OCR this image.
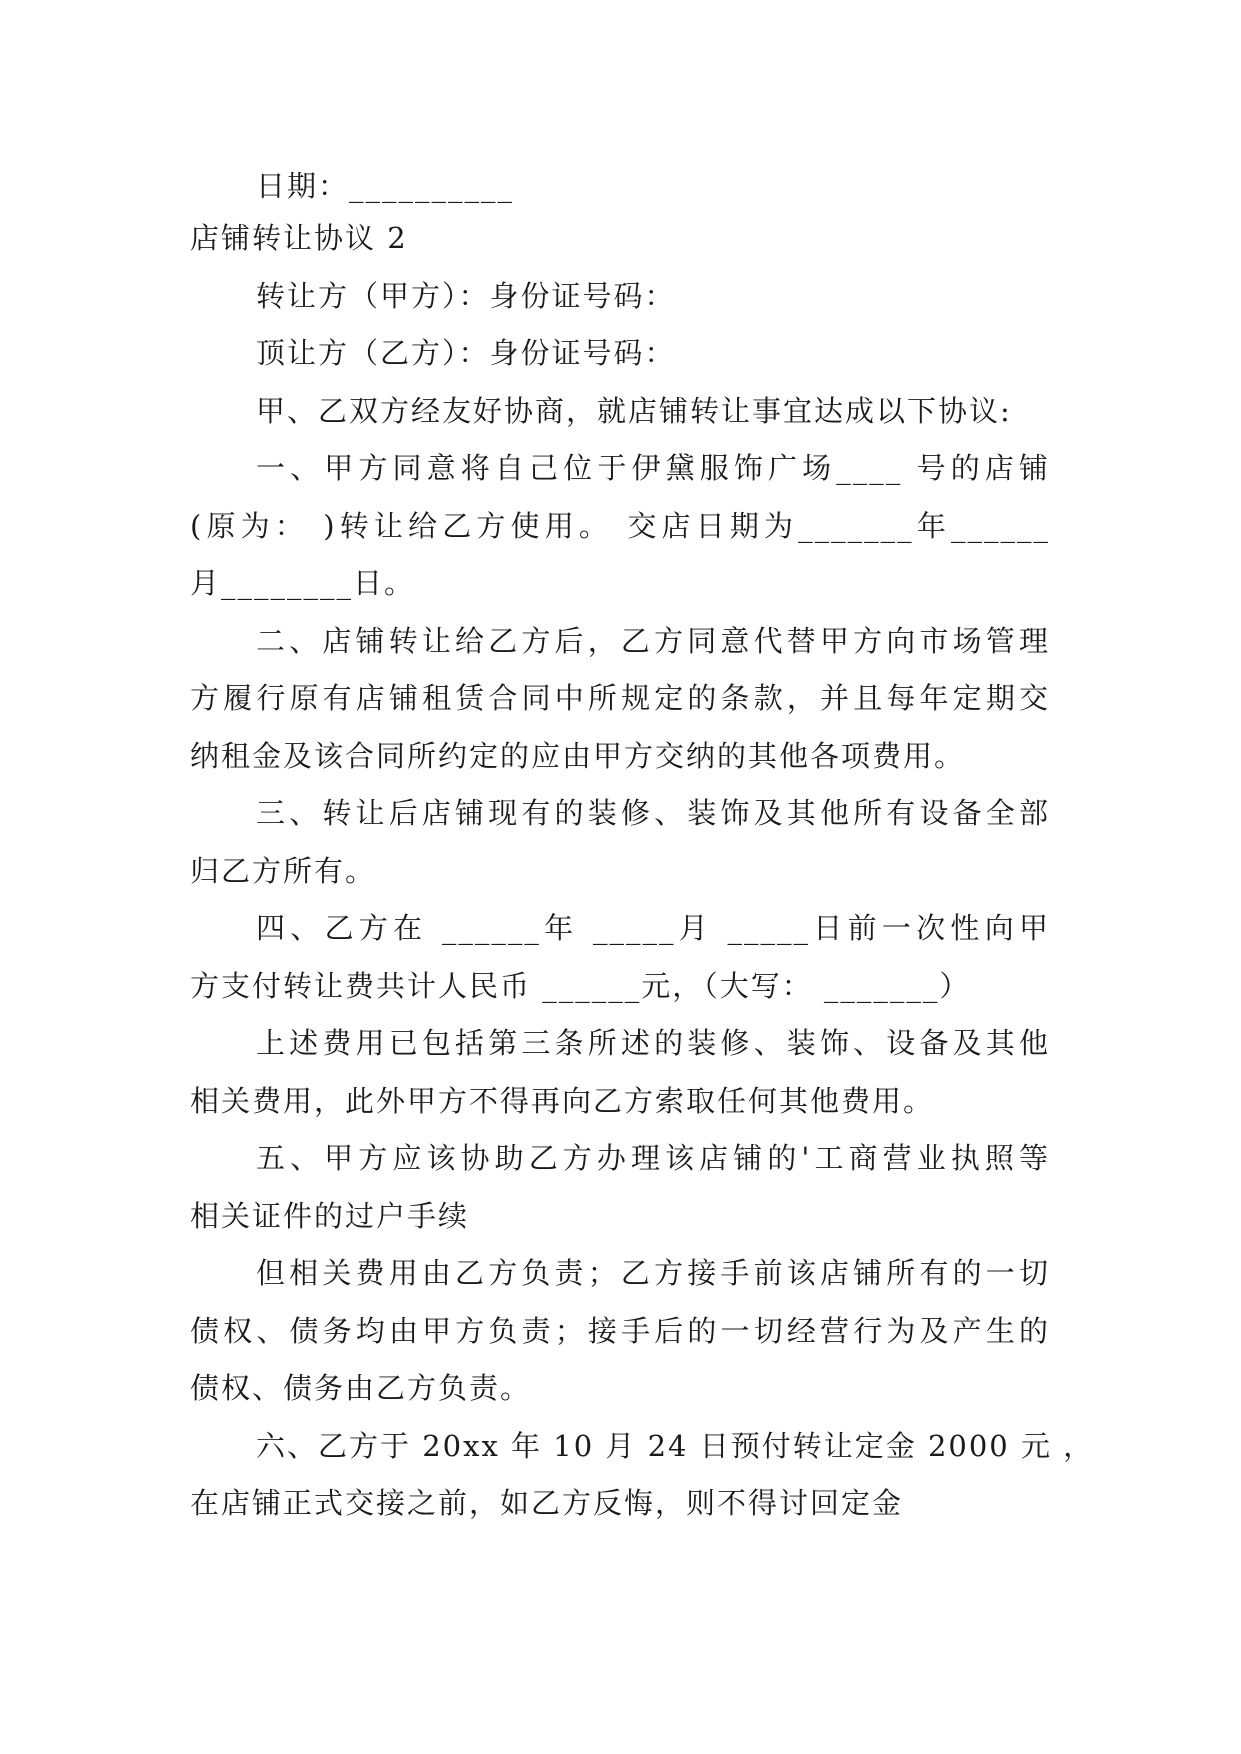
日期：__________
店铺转让协议 2
转让方（甲方）：身份证号码：
顶让方（乙方）：身份证号码：
甲、乙双方经友好协商，就店铺转让事宜达成以下协议:
一、甲方同意将自己位于伊黛服饰广场____ 号的店铺
(原为： )转让给乙方使用。 交店日期为_______年______
月________日。
二、店铺转让给乙方后，乙方同意代替甲方向市场管理
方履行原有店铺租赁合同中所规定的条款，并且每年定期交
纳租金及该合同所约定的应由甲方交纳的其他各项费用。
三、转让后店铺现有的装修、装饰及其他所有设备全部
归乙方所有。
四、乙方在 ______年 _____月 _____日前一次性向甲
方支付转让费共计人民币 ______元，（大写： _______）
上述费用已包括第三条所述的装修、装饰、设备及其他
相关费用，此外甲方不得再向乙方索取任何其他费用。
五、甲方应该协助乙方办理该店铺的'工商营业执照等
相关证件的过户手续
但相关费用由乙方负责；乙方接手前该店铺所有的一切
债权、债务均由甲方负责；接手后的一切经营行为及产生的
债权、债务由乙方负责。
六、乙方于 20xx 年 10 月 24 日预付转让定金 2000 元 ，
在店铺正式交接之前，如乙方反悔，则不得讨回定金
